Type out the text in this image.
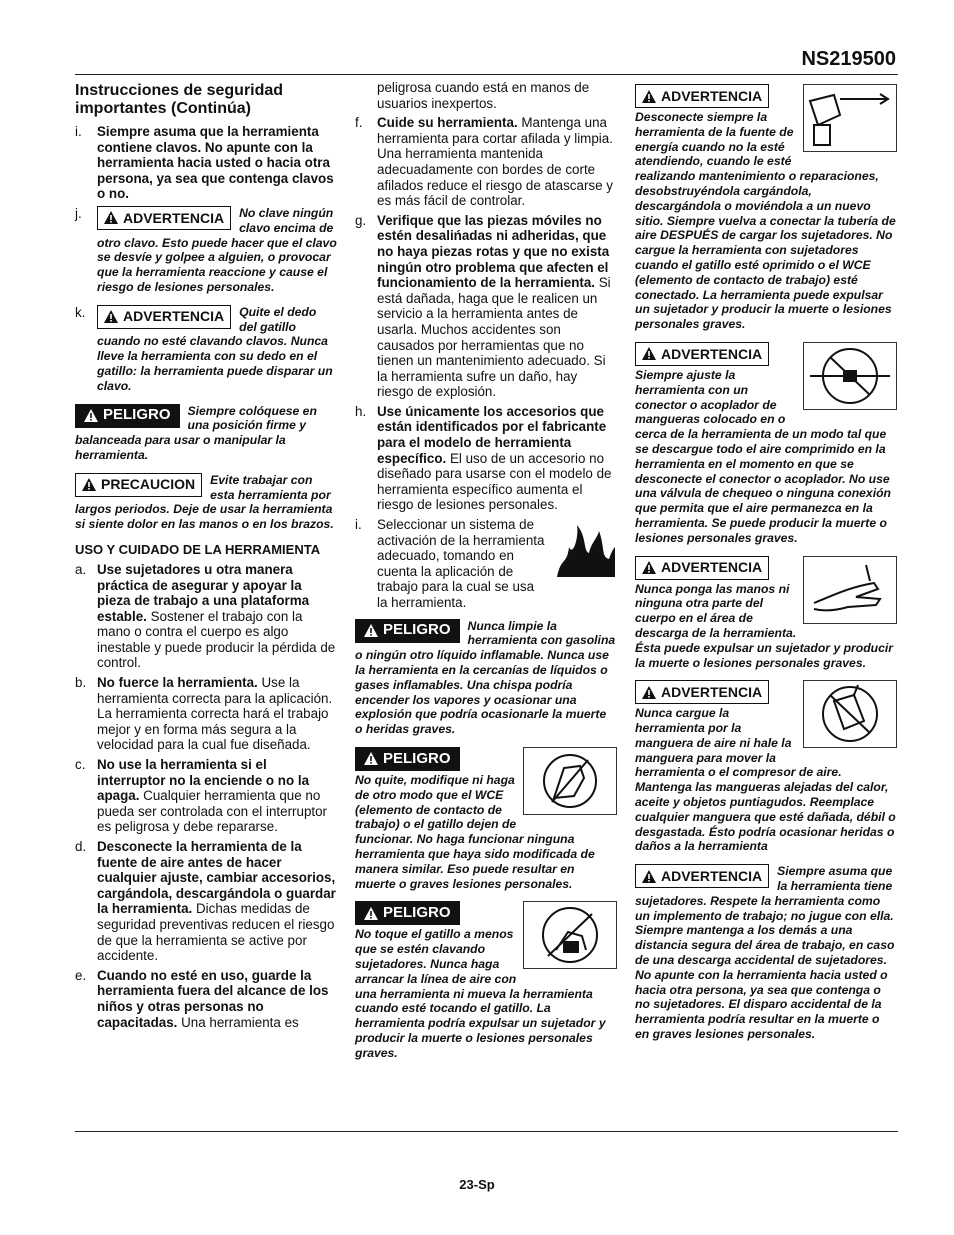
NS219500
Instrucciones de seguridad importantes (Continúa)
i. Siempre asuma que la herramienta contiene clavos. No apunte con la herramienta hacia usted o hacia otra persona, ya sea que contenga clavos o no.
j.	ADVERTENCIA No clave ningún clavo encima de otro clavo. Esto puede hacer que el clavo se desvíe y golpee a alguien, o provocar que la herramienta reaccione y cause el riesgo de lesiones personales.
k.	ADVERTENCIA Quite el dedo del gatillo cuando no esté clavando clavos. Nunca lleve la herramienta con su dedo en el gatillo: la herramienta puede disparar un clavo.
PELIGRO Siempre colóquese en una posición firme y balanceada para usar o manipular la herramienta.
PRECAUCION Evite trabajar con esta herramienta por largos periodos. Deje de usar la herramienta si siente dolor en las manos o en los brazos.
USO Y CUIDADO DE LA HERRAMIENTA
a. Use sujetadores u otra manera práctica de asegurar y apoyar la pieza de trabajo a una plataforma estable. Sostener el trabajo con la mano o contra el cuerpo es algo inestable y puede producir la pérdida de control.
b. No fuerce la herramienta. Use la herramienta correcta para la aplicación. La herramienta correcta hará el trabajo mejor y en forma más segura a la velocidad para la cual fue diseñada.
c. No use la herramienta si el interruptor no la enciende o no la apaga. Cualquier herramienta que no pueda ser controlada con el interruptor es peligrosa y debe repararse.
d. Desconecte la herramienta de la fuente de aire antes de hacer cualquier ajuste, cambiar accesorios, cargándola, descargándola o guardar la herramienta. Dichas medidas de seguridad preventivas reducen el riesgo de que la herramienta se active por accidente.
e. Cuando no esté en uso, guarde la herramienta fuera del alcance de los niños y otras personas no capacitadas. Una herramienta es
peligrosa cuando está en manos de usuarios inexpertos.
f. Cuide su herramienta. Mantenga una herramienta para cortar afilada y limpia. Una herramienta mantenida adecuadamente con bordes de corte afilados reduce el riesgo de atascarse y es más fácil de controlar.
g. Verifique que las piezas móviles no estén desalińadas ni adheridas, que no haya piezas rotas y que no exista ningún otro problema que afecten el funcionamiento de la herramienta. Si está dañada, haga que le realicen un servicio a la herramienta antes de usarla. Muchos accidentes son causados por herramientas que no tienen un mantenimiento adecuado. Si la herramienta sufre un daño, hay riesgo de explosión.
h. Use únicamente los accesorios que están identificados por el fabricante para el modelo de herramienta específico. El uso de un accesorio no diseñado para usarse con el modelo de herramienta específico aumenta el riesgo de lesiones personales.
i. Seleccionar un sistema de activación de la herramienta adecuado, tomando en cuenta la aplicación de trabajo para la cual se usa la herramienta.
PELIGRO Nunca limpie la herramienta con gasolina o ningún otro líquido inflamable. Nunca use la herramienta en la cercanías de líquidos o gases inflamables. Una chispa podría encender los vapores y ocasionar una explosión que podría ocasionarle la muerte o heridas graves.
PELIGRO
No quite, modifique ni haga de otro modo que el WCE (elemento de contacto de trabajo) o el gatillo dejen de funcionar. No haga funcionar ninguna herramienta que haya sido modificada de manera similar. Eso puede resultar en muerte o graves lesiones personales.
PELIGRO
No toque el gatillo a menos que se estén clavando sujetadores. Nunca haga arrancar la línea de aire con una herramienta ni mueva la herramienta cuando esté tocando el gatillo. La herramienta podría expulsar un sujetador y producir la muerte o lesiones personales graves.
ADVERTENCIA
Desconecte siempre la herramienta de la fuente de energía cuando no la esté atendiendo, cuando le esté realizando mantenimiento o reparaciones, desobstruyéndola cargándola, descargándola o moviéndola a un nuevo sitio. Siempre vuelva a conectar la tubería de aire DESPUÉS de cargar los sujetadores. No cargue la herramienta con sujetadores cuando el gatillo esté oprimido o el WCE (elemento de contacto de trabajo) esté conectado. La herramienta puede expulsar un sujetador y producir la muerte o lesiones personales graves.
ADVERTENCIA
Siempre ajuste la herramienta con un conector o acoplador de mangueras colocado en o cerca de la herramienta de un modo tal que se descargue todo el aire comprimido en la herramienta en el momento en que se desconecte el conector o acoplador. No use una válvula de chequeo o ninguna conexión que permita que el aire permanezca en la herramienta. Se puede producir la muerte o lesiones personales graves.
ADVERTENCIA
Nunca ponga las manos ni ninguna otra parte del cuerpo en el área de descarga de la herramienta. Ésta puede expulsar un sujetador y producir la muerte o lesiones personales graves.
ADVERTENCIA
Nunca cargue la herramienta por la manguera de aire ni hale la manguera para mover la herramienta o el compresor de aire. Mantenga las mangueras alejadas del calor, aceite y objetos puntiagudos. Reemplace cualquier manguera que esté dañada, débil o desgastada. Ésto podría ocasionar heridas o daños a la herramienta
ADVERTENCIA Siempre asuma que la herramienta tiene sujetadores. Respete la herramienta como un implemento de trabajo; no jugue con ella. Siempre mantenga a los demás a una distancia segura del área de trabajo, en caso de una descarga accidental de sujetadores. No apunte con la herramienta hacia usted o hacia otra persona, ya sea que contenga o no sujetadores. El disparo accidental de la herramienta podría resultar en la muerte o en graves lesiones personales.
23-Sp
